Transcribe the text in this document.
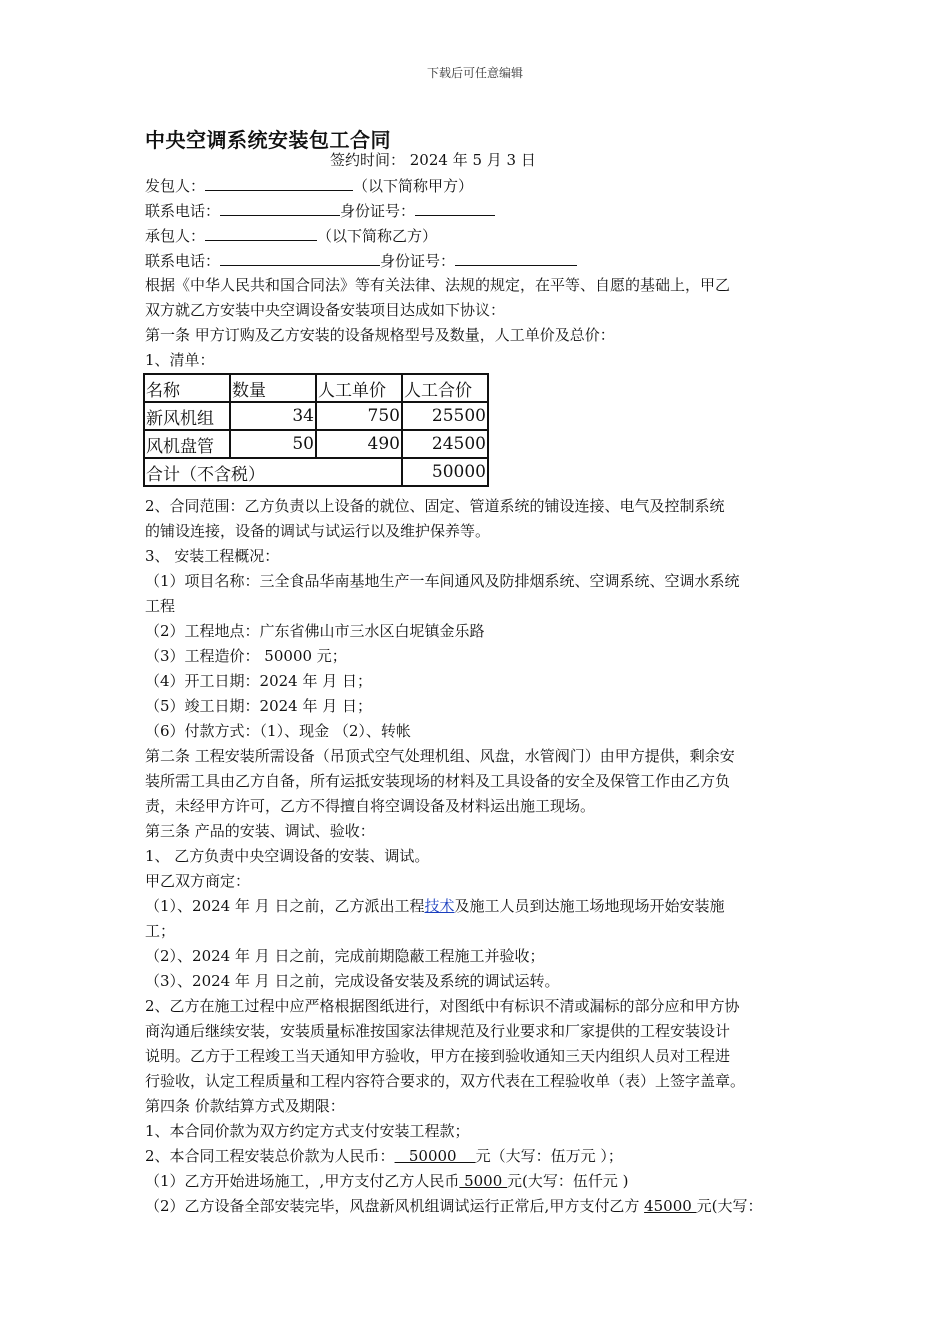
下载后可任意编辑
中央空调系统安装包工合同
签约时间： 2024 年 5 月 3 日
发包人：	（以下简称甲方）
联系电话：	身份证号：
承包人：	（以下简称乙方）
联系电话：	身份证号：
根据《中华人民共和国合同法》等有关法律、法规的规定，在平等、自愿的基础上，甲乙
双方就乙方安装中央空调设备安装项目达成如下协议：
第一条 甲方订购及乙方安装的设备规格型号及数量，人工单价及总价：
1、清单：
名称	数量	人工单价	人工合价
新风机组	34	750	25500
风机盘管	50	490	24500
合计（不含税）			50000
2、合同范围：乙方负责以上设备的就位、固定、管道系统的铺设连接、电气及控制系统
的铺设连接，设备的调试与试运行以及维护保养等。
3、 安装工程概况：
（1）项目名称：三全食品华南基地生产一车间通风及防排烟系统、空调系统、空调水系统
工程
（2）工程地点：广东省佛山市三水区白坭镇金乐路
（3）工程造价： 50000 元；
（4）开工日期：2024 年 月 日；
（5）竣工日期：2024 年 月 日；
（6）付款方式：（1）、现金 （2）、转帐
第二条 工程安装所需设备（吊顶式空气处理机组、风盘，水管阀门）由甲方提供，剩余安
装所需工具由乙方自备，所有运抵安装现场的材料及工具设备的安全及保管工作由乙方负
责，未经甲方许可，乙方不得擅自将空调设备及材料运出施工现场。
第三条 产品的安装、调试、验收：
1、 乙方负责中央空调设备的安装、调试。
甲乙双方商定：
（1）、2024 年 月 日之前，乙方派出工程技术及施工人员到达施工场地现场开始安装施
工；
（2）、2024 年 月 日之前，完成前期隐蔽工程施工并验收；
（3）、2024 年 月 日之前，完成设备安装及系统的调试运转。
2、乙方在施工过程中应严格根据图纸进行，对图纸中有标识不清或漏标的部分应和甲方协
商沟通后继续安装，安装质量标准按国家法律规范及行业要求和厂家提供的工程安装设计
说明。乙方于工程竣工当天通知甲方验收，甲方在接到验收通知三天内组织人员对工程进
行验收，认定工程质量和工程内容符合要求的，双方代表在工程验收单（表）上签字盖章。
第四条 价款结算方式及期限：
1、本合同价款为双方约定方式支付安装工程款；
2、本合同工程安装总价款为人民币：   50000    元（大写：伍万元 ）；
（1）乙方开始进场施工，,甲方支付乙方人民币 5000 元(大写：伍仟元 )
（2）乙方设备全部安装完毕，风盘新风机组调试运行正常后,甲方支付乙方 45000 元(大写：
